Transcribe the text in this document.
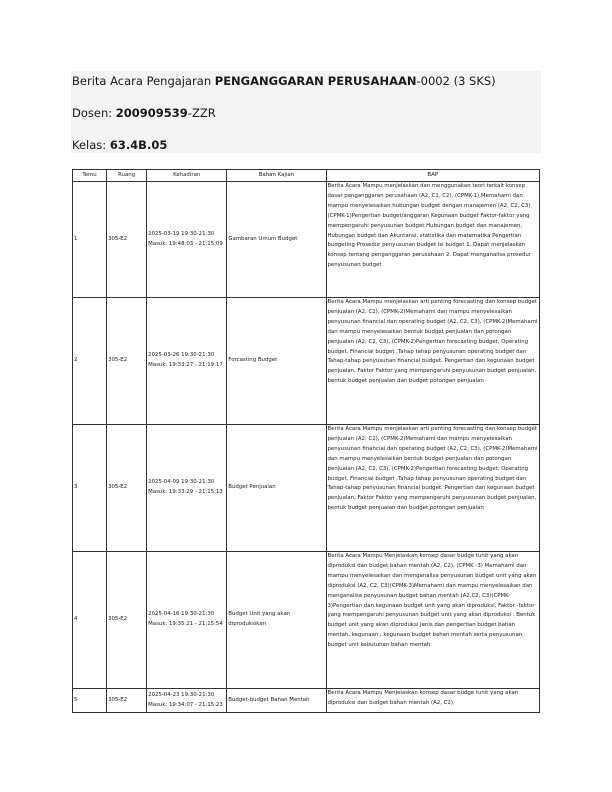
Berita Acara Pengajaran PENGANGGARAN PERUSAHAAN-0002 (3 SKS)
Dosen: 200909539-ZZR
Kelas: 63.4B.05
Temu	Ruang	Kehadiran	Bahan Kajian	BAP
1	305-E2	2025-03-19 19:30-21:30
Masuk: 19:48:03 - 21:15:09	Gambaran Umum Budget	Berita Acara Mampu menjelaskan dan menggunakan teori terkait konsep dasar penganggaran perusahaan (A2, C1, C2), (CPMK-1),Memahami dan mampu menyelesaikan hubungan budget dengan manajemen (A2, C2, C3) (CPMK-1)Pengertian budget/anggaran Kegunaan budget Faktor-faktor yang mempengaruhi penyusunan budget Hubungan budget dan manajemen, Hubungan budget dan Akuntansi, statistika dan matematika Pengertian budgeting Prosedur penyusunan budget Isi budget 1. Dapat menjelaskan konsep tentang penganggaran perusahaan 2. Dapat menganalisa prosedur penyusunan budget
2	305-E2	2025-03-26 19:30-21:30
Masuk: 19:33:27 - 21:19:17	Forcasting Budget	Berita Acara Mampu menjelaskan arti penting forecasting dan konsep budget penjualan (A2, C2), (CPMK-2)Memahami dan mampu menyelesaikan penyusunan financial dan operating budget (A2, C2, C3), (CPMK-2)Memahami dan mampu menyelesaikan bentuk budget penjualan dan potongan penjualan (A2, C2, C3), (CPMK-2)Pengertian forecasting budget, Operating budget, Financial budget ,Tahap tahap penyusunan operating budget dan Tahap-tahap penyusunan financial budget. Pengertian dan kegunaan budget penjualan, Faktor Faktor yang mempengaruhi penyusunan budget penjualan, bentuk budget penjualan dan budget potongan penjualan
3	305-E2	2025-04-09 19:30-21:30
Masuk: 19:33:29 - 21:15:13	Budget Penjualan	Berita Acara Mampu menjelaskan arti penting forecasting dan konsep budget penjualan (A2, C2), (CPMK-2)Memahami dan mampu menyelesaikan penyusunan financial dan operating budget (A2, C2, C3), (CPMK-2)Memahami dan mampu menyelesaikan bentuk budget penjualan dan potongan penjualan (A2, C2, C3), (CPMK-2)Pengertian forecasting budget, Operating budget, Financial budget ,Tahap tahap penyusunan operating budget dan Tahap-tahap penyusunan financial budget. Pengertian dan kegunaan budget penjualan, Faktor Faktor yang mempengaruhi penyusunan budget penjualan, bentuk budget penjualan dan budget potongan penjualan
4	305-E2	2025-04-16 19:30-21:30
Masuk: 19:35:21 - 21:15:54	Budget Unit yang akan diproduksikan	Berita Acara Mampu Menjelaskan konsep dasar budge tunit yang akan diproduksi dan budget bahan mentah (A2, C2), (CPMK -3) Memahami dan mampu menyelesaikan dan menganalisa penyusunan budget unit yang akan diproduksi (A2, C2, C3)(CPMK-3)Memahami dan mampu menyelesaikan dan menganalisa penyusunan budget bahan mentah (A2,C2, C3)(CPMK-3)Pengertian dan kegunaan budget unit yang akan diproduksi, Faktor -faktor yang mempengaruhi penyusunan budget unit yang akan diproduksi . Bentuk budget unit yang akan diproduksi Jenis dan pengertian budget bahan mentah, kegunaan , kegunaan budget bahan mentah serta penyusunan budget unit kebutuhan bahan mentah
5	305-E2	2025-04-23 19:30-21:30
Masuk: 19:34:07 - 21:15:23	Budget-budget Bahan Mentah	Berita Acara Mampu Menjelaskan konsep dasar budge tunit yang akan diproduksi dan budget bahan mentah (A2, C2),
